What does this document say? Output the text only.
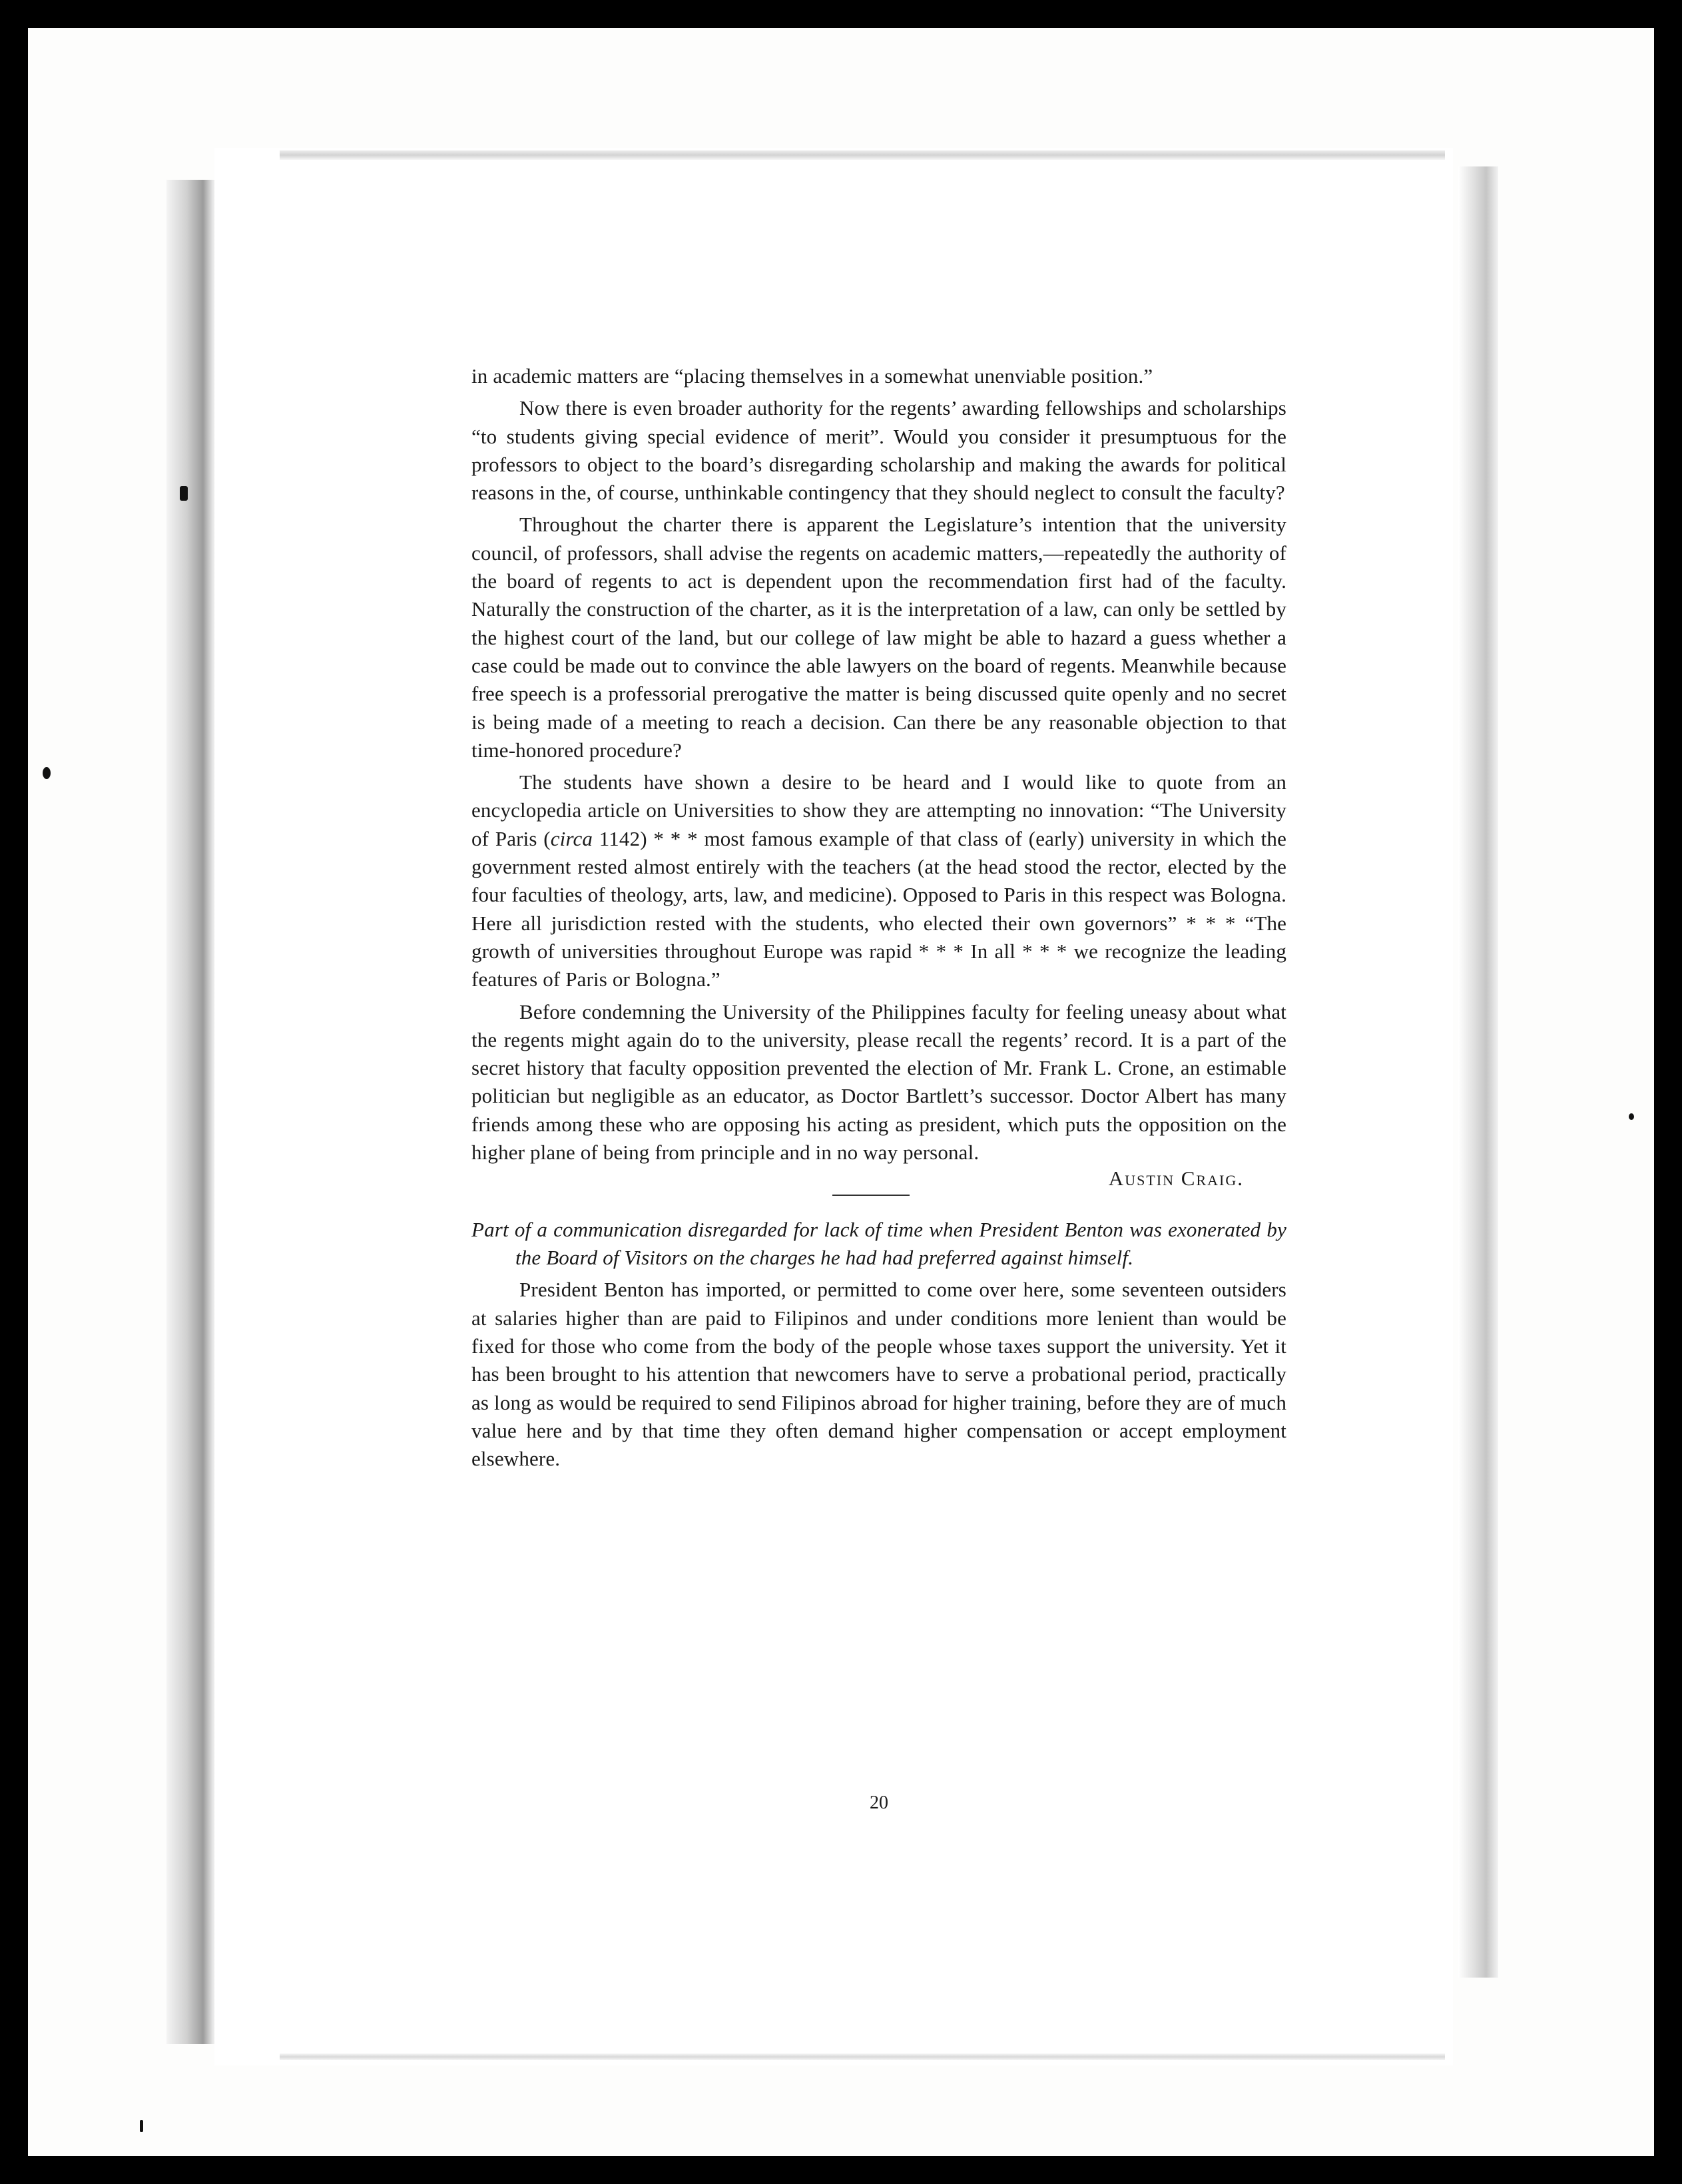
in academic matters are “placing themselves in a somewhat unenviable position.”

Now there is even broader authority for the regents’ awarding fellowships and scholarships “to students giving special evidence of merit”. Would you consider it presumptuous for the professors to object to the board’s disregarding scholarship and making the awards for political reasons in the, of course, unthinkable contingency that they should neglect to consult the faculty?

Throughout the charter there is apparent the Legislature’s intention that the university council, of professors, shall advise the regents on academic matters,—repeatedly the authority of the board of regents to act is dependent upon the recommendation first had of the faculty. Naturally the construction of the charter, as it is the interpretation of a law, can only be settled by the highest court of the land, but our college of law might be able to hazard a guess whether a case could be made out to convince the able lawyers on the board of regents. Meanwhile because free speech is a professorial prerogative the matter is being discussed quite openly and no secret is being made of a meeting to reach a decision. Can there be any reasonable objection to that time-honored procedure?

The students have shown a desire to be heard and I would like to quote from an encyclopedia article on Universities to show they are attempting no innovation: “The University of Paris (circa 1142) * * * most famous example of that class of (early) university in which the government rested almost entirely with the teachers (at the head stood the rector, elected by the four faculties of theology, arts, law, and medicine). Opposed to Paris in this respect was Bologna. Here all jurisdiction rested with the students, who elected their own governors” * * * “The growth of universities throughout Europe was rapid * * * In all * * * we recognize the leading features of Paris or Bologna.”

Before condemning the University of the Philippines faculty for feeling uneasy about what the regents might again do to the university, please recall the regents’ record. It is a part of the secret history that faculty opposition prevented the election of Mr. Frank L. Crone, an estimable politician but negligible as an educator, as Doctor Bartlett’s successor. Doctor Albert has many friends among these who are opposing his acting as president, which puts the opposition on the higher plane of being from principle and in no way personal.

Austin Craig.

Part of a communication disregarded for lack of time when President Benton was exonerated by the Board of Visitors on the charges he had had preferred against himself.

President Benton has imported, or permitted to come over here, some seventeen outsiders at salaries higher than are paid to Filipinos and under conditions more lenient than would be fixed for those who come from the body of the people whose taxes support the university. Yet it has been brought to his attention that newcomers have to serve a probational period, practically as long as would be required to send Filipinos abroad for higher training, before they are of much value here and by that time they often demand higher compensation or accept employment elsewhere.

20
